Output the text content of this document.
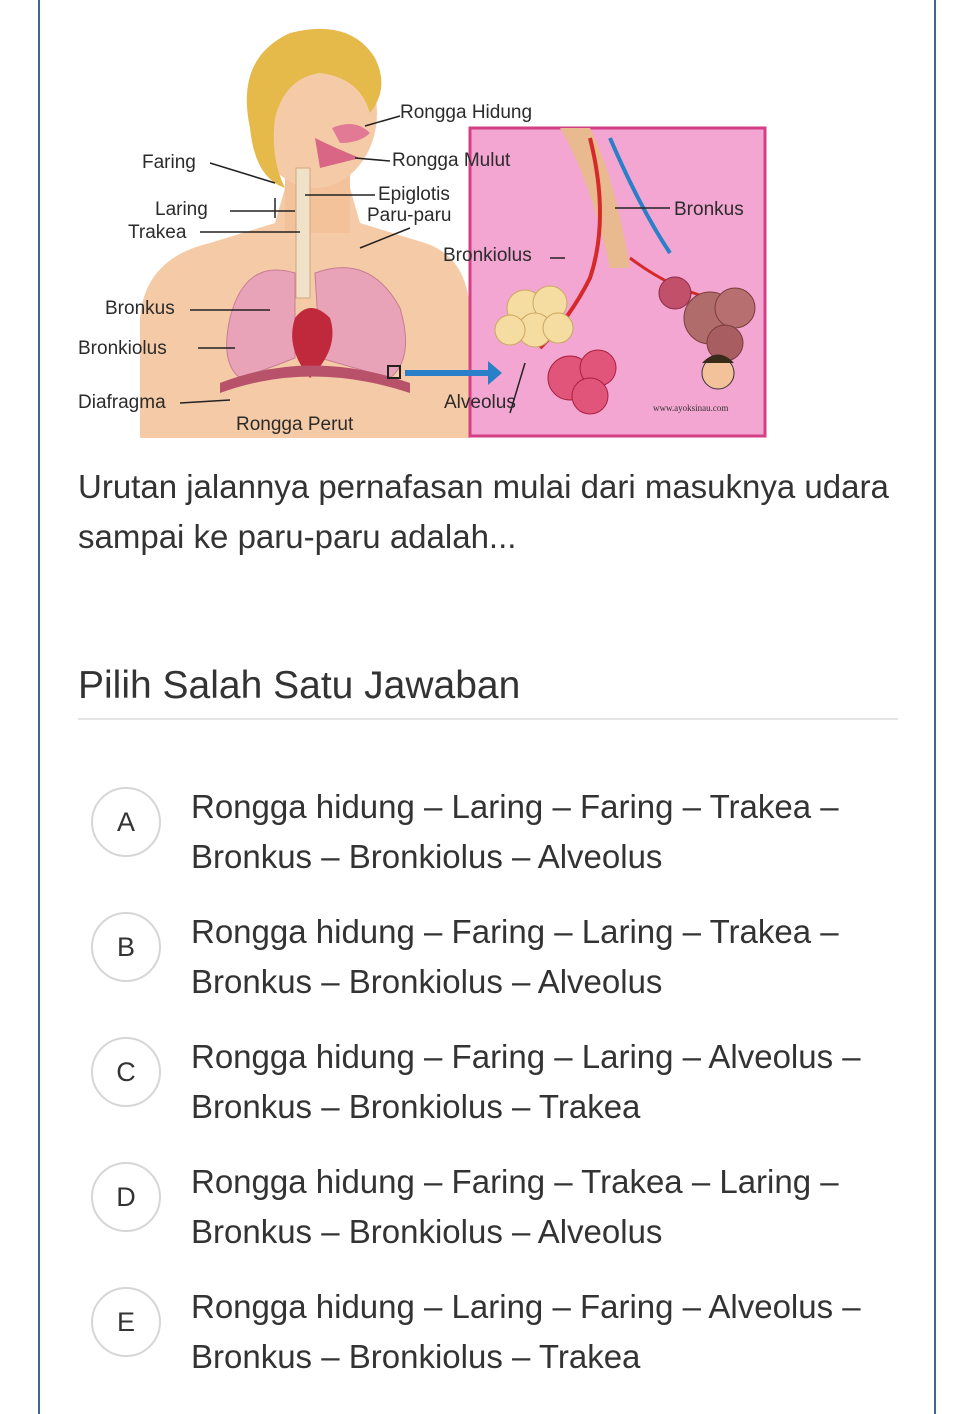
Rongga Hidung
Faring	Rongga Mulut
Epiglotis
Laring	Paru-paru
Trakea
Bronkus
Bronkiolus
Bronkus
Bronkiolus
Diafragma	Alveolus
Rongga Perut
www.ayoksinau.com
Urutan jalannya pernafasan mulai dari masuknya udara sampai ke paru-paru adalah...
Pilih Salah Satu Jawaban
A	Rongga hidung – Laring – Faring – Trakea – Bronkus – Bronkiolus – Alveolus
B	Rongga hidung – Faring – Laring – Trakea – Bronkus – Bronkiolus – Alveolus
C	Rongga hidung – Faring – Laring – Alveolus – Bronkus – Bronkiolus – Trakea
D	Rongga hidung – Faring – Trakea – Laring – Bronkus – Bronkiolus – Alveolus
E	Rongga hidung – Laring – Faring – Alveolus – Bronkus – Bronkiolus – Trakea
